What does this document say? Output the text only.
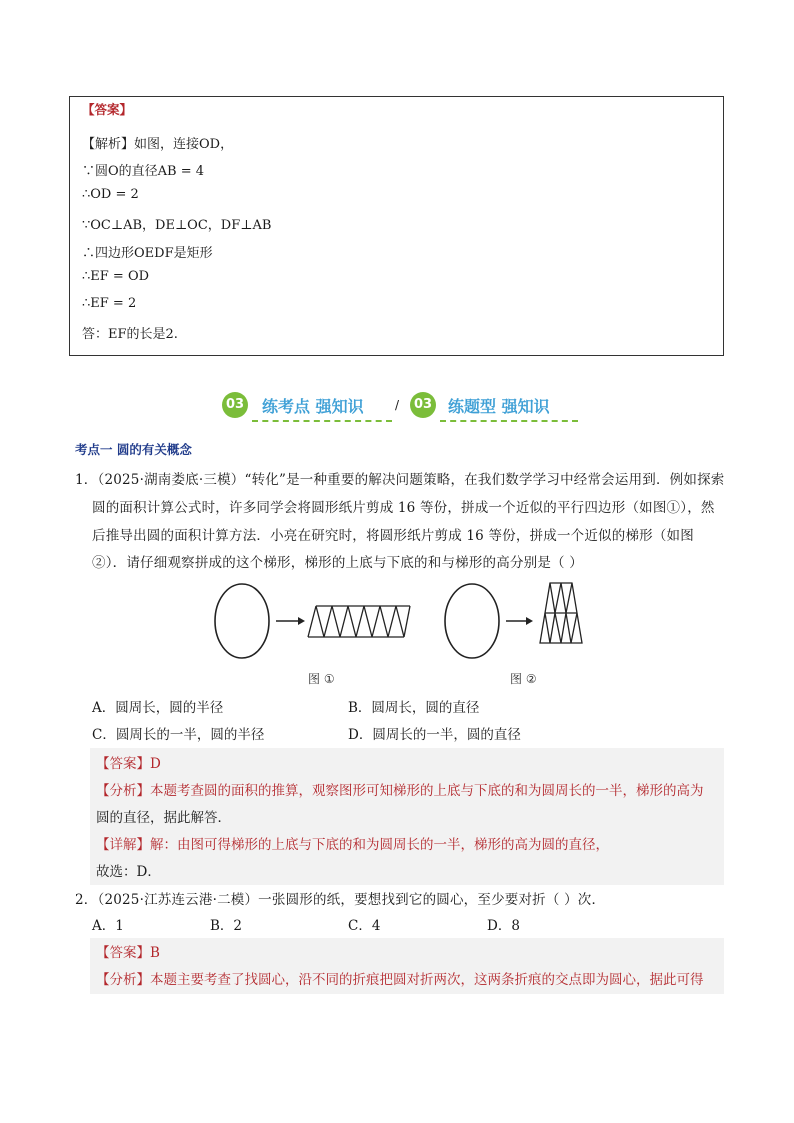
【答案】
【解析】如图，连接OD，
∵圆O的直径AB = 4
∴OD = 2
∵OC⊥AB，DE⊥OC，DF⊥AB
∴四边形OEDF是矩形
∴EF = OD
∴EF = 2
答：EF的长是2.
03 练考点 强知识	/	03 练题型 强知识
考点一 圆的有关概念
1．（2025·湖南娄底·三模）“转化”是一种重要的解决问题策略，在我们数学学习中经常会运用到．例如探索
圆的面积计算公式时，许多同学会将圆形纸片剪成 16 等份，拼成一个近似的平行四边形（如图①），然
后推导出圆的面积计算方法．小亮在研究时，将圆形纸片剪成 16 等份，拼成一个近似的梯形（如图
②）．请仔细观察拼成的这个梯形，梯形的上底与下底的和与梯形的高分别是（ ）
图 ①	图 ②
A．圆周长，圆的半径	B．圆周长，圆的直径
C．圆周长的一半，圆的半径	D．圆周长的一半，圆的直径
【答案】D
【分析】本题考查圆的面积的推算，观察图形可知梯形的上底与下底的和为圆周长的一半，梯形的高为
圆的直径，据此解答．
【详解】解：由图可得梯形的上底与下底的和为圆周长的一半，梯形的高为圆的直径，
故选：D．
2．（2025·江苏连云港·二模）一张圆形的纸，要想找到它的圆心，至少要对折（ ）次．
A．1	B．2	C．4	D．8
【答案】B
【分析】本题主要考查了找圆心，沿不同的折痕把圆对折两次，这两条折痕的交点即为圆心，据此可得
